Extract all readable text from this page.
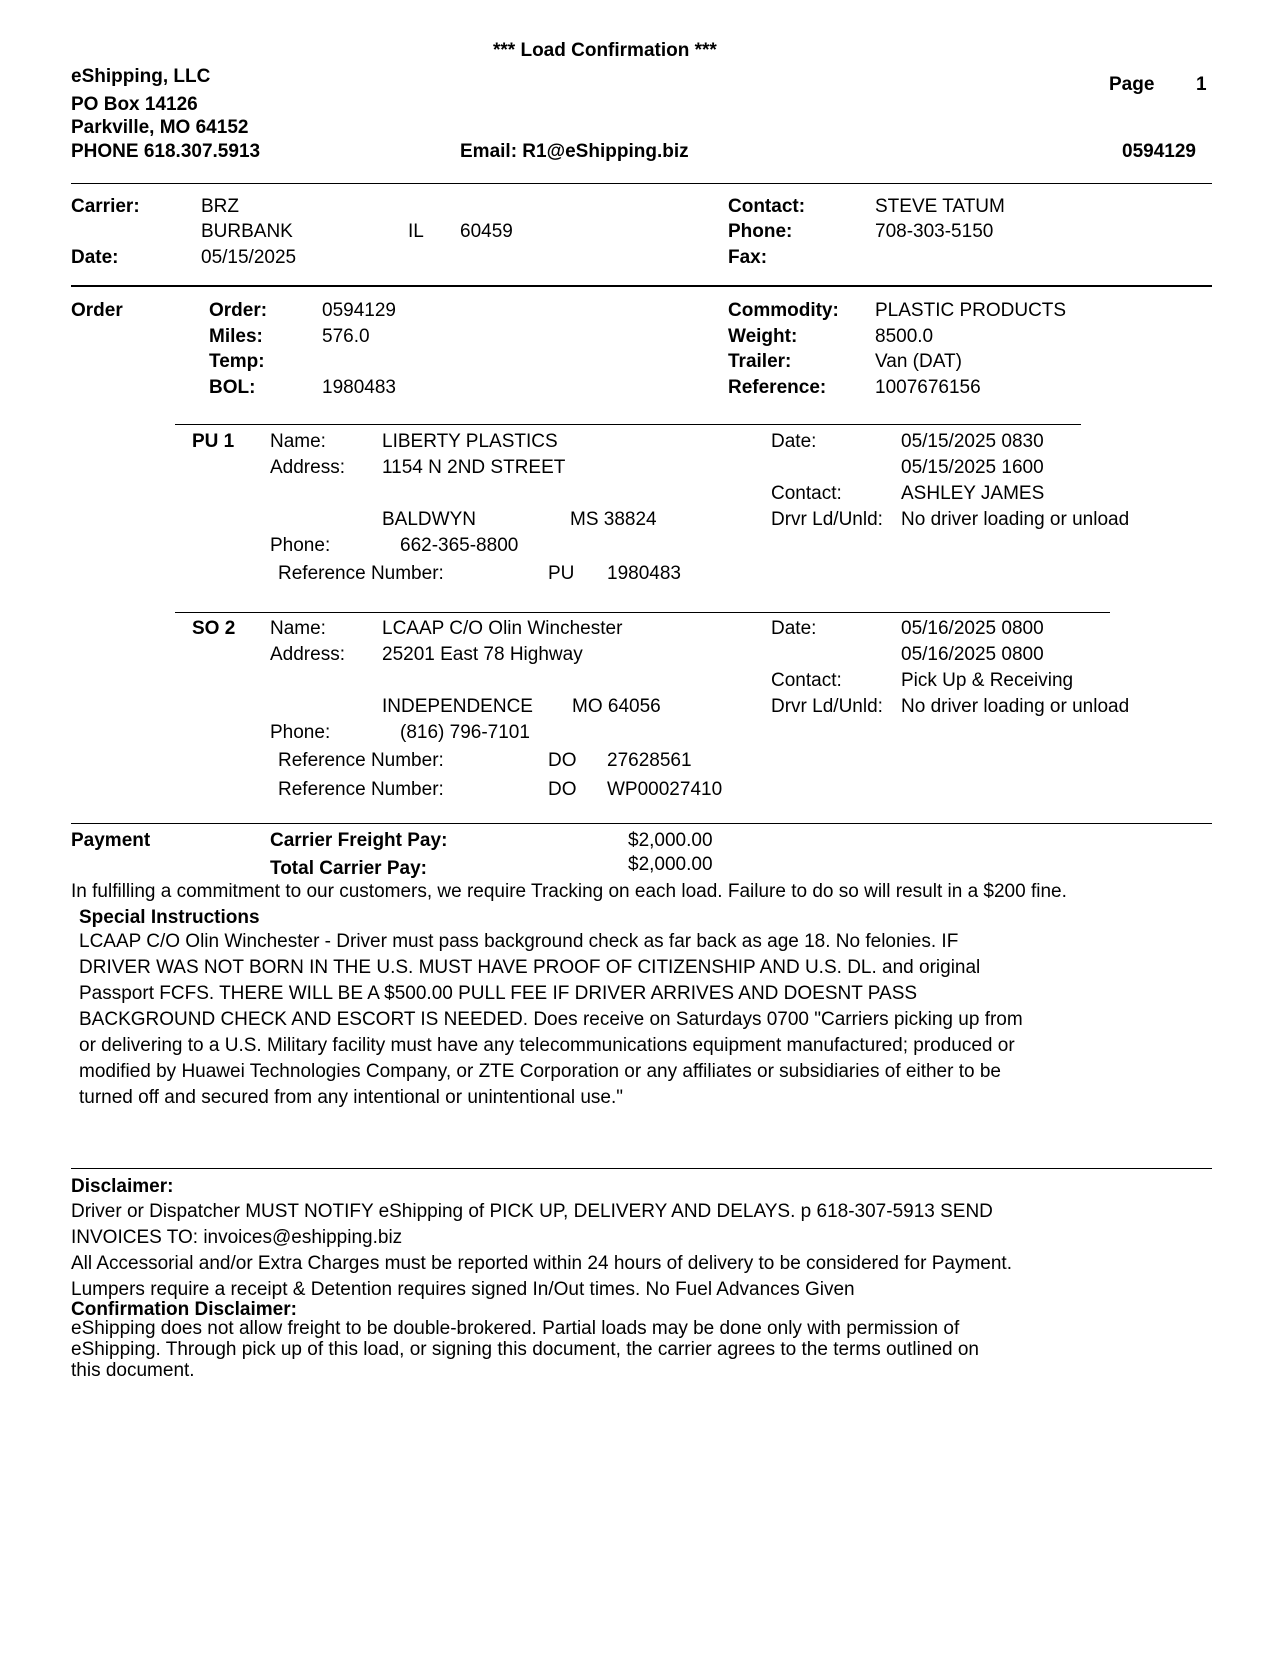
*** Load Confirmation ***
eShipping, LLC
PO Box 14126
Parkville, MO 64152
PHONE 618.307.5913	Email: R1@eShipping.biz
Page 1
0594129
Carrier:	BRZ
BURBANK	IL 60459
Date:	05/15/2025
Contact:	STEVE TATUM
Phone:	708-303-5150
Fax:
Order	Order:	0594129
Miles:	576.0
Temp:
BOL:	1980483
Commodity: PLASTIC PRODUCTS
Weight:	8500.0
Trailer:	Van (DAT)
Reference:	1007676156
PU 1 Name:	LIBERTY PLASTICS
Address: 1154 N 2ND STREET
BALDWYN	MS 38824
Phone:	662-365-8800
Reference Number:	PU 1980483
Date:	05/15/2025 0830
05/15/2025 1600
Contact:	ASHLEY JAMES
Drvr Ld/Unld: No driver loading or unload
SO 2 Name:	LCAAP C/O Olin Winchester
Address: 25201 East 78 Highway
INDEPENDENCE MO 64056
Phone:	(816) 796-7101
Reference Number:	DO 27628561
Reference Number:	DO WP00027410
Date:	05/16/2025 0800
05/16/2025 0800
Contact:	Pick Up & Receiving
Drvr Ld/Unld: No driver loading or unload
Payment	Carrier Freight Pay:	$2,000.00
Total Carrier Pay:	$2,000.00
In fulfilling a commitment to our customers, we require Tracking on each load. Failure to do so will result in a $200 fine.
Special Instructions
LCAAP C/O Olin Winchester - Driver must pass background check as far back as age 18. No felonies. IF
DRIVER WAS NOT BORN IN THE U.S. MUST HAVE PROOF OF CITIZENSHIP AND U.S. DL. and original
Passport FCFS. THERE WILL BE A $500.00 PULL FEE IF DRIVER ARRIVES AND DOESNT PASS
BACKGROUND CHECK AND ESCORT IS NEEDED. Does receive on Saturdays 0700 "Carriers picking up from
or delivering to a U.S. Military facility must have any telecommunications equipment manufactured; produced or
modified by Huawei Technologies Company, or ZTE Corporation or any affiliates or subsidiaries of either to be
turned off and secured from any intentional or unintentional use."
Disclaimer:
Driver or Dispatcher MUST NOTIFY eShipping of PICK UP, DELIVERY AND DELAYS. p 618-307-5913 SEND
INVOICES TO: invoices@eshipping.biz
All Accessorial and/or Extra Charges must be reported within 24 hours of delivery to be considered for Payment.
Lumpers require a receipt & Detention requires signed In/Out times. No Fuel Advances Given
Confirmation Disclaimer:
eShipping does not allow freight to be double-brokered. Partial loads may be done only with permission of
eShipping. Through pick up of this load, or signing this document, the carrier agrees to the terms outlined on
this document.
